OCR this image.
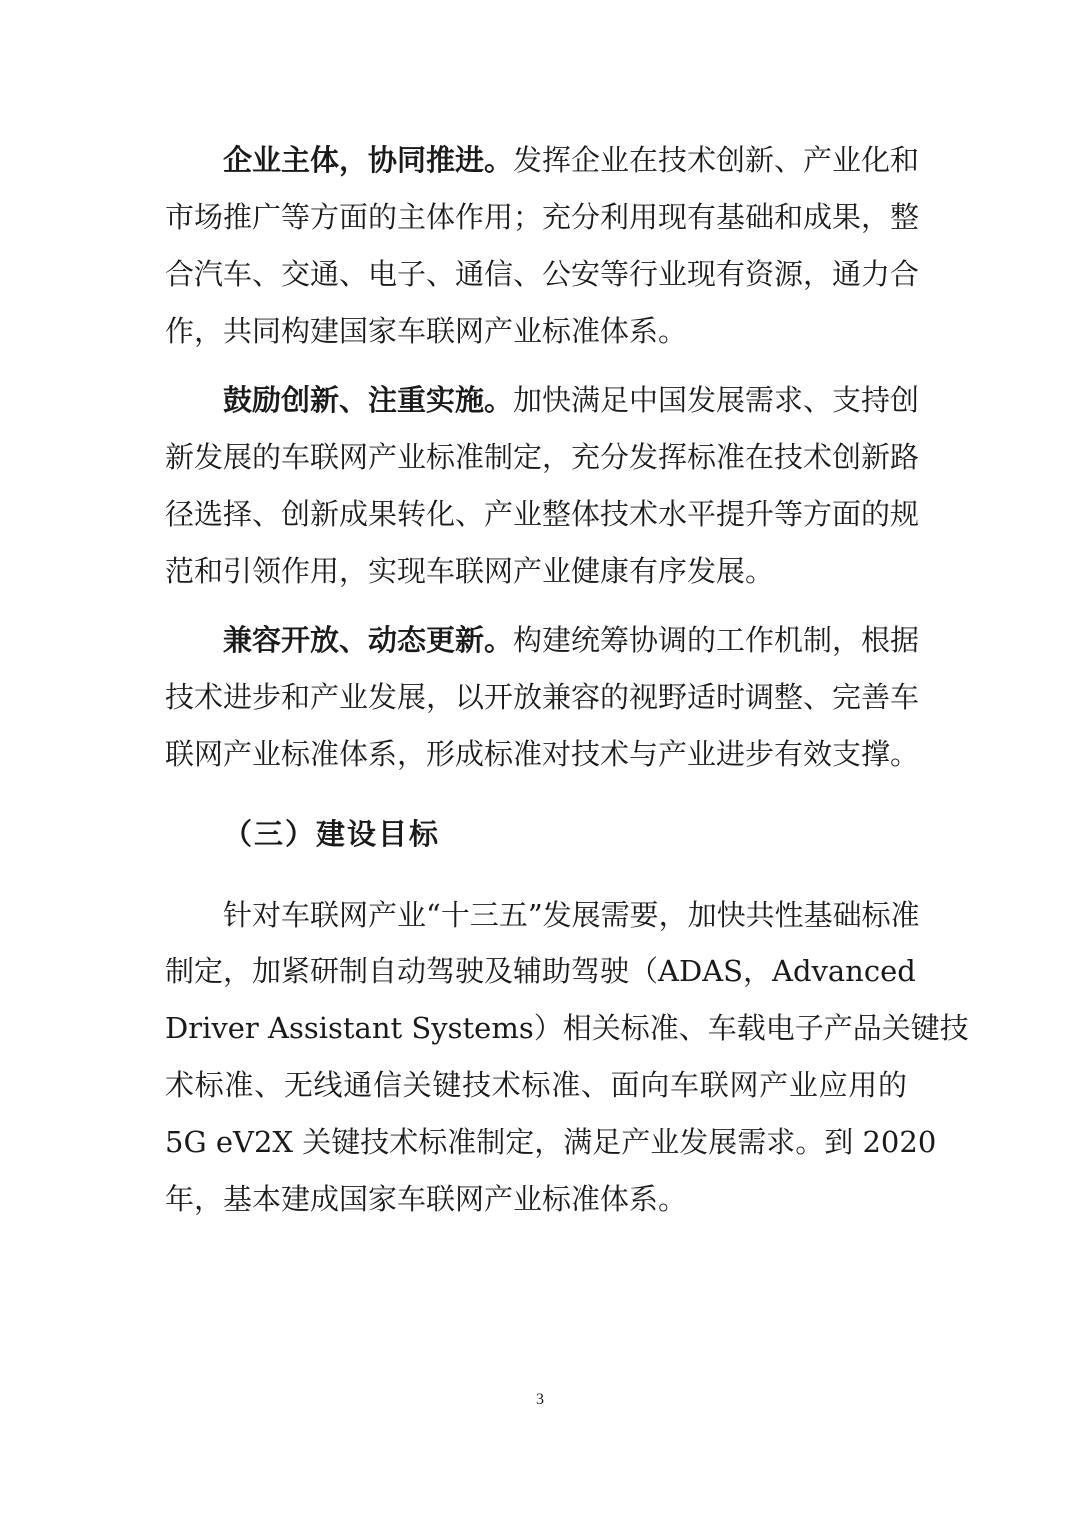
企业主体，协同推进。发挥企业在技术创新、产业化和
市场推广等方面的主体作用；充分利用现有基础和成果，整
合汽车、交通、电子、通信、公安等行业现有资源，通力合
作，共同构建国家车联网产业标准体系。
鼓励创新、注重实施。加快满足中国发展需求、支持创
新发展的车联网产业标准制定，充分发挥标准在技术创新路
径选择、创新成果转化、产业整体技术水平提升等方面的规
范和引领作用，实现车联网产业健康有序发展。
兼容开放、动态更新。构建统筹协调的工作机制，根据
技术进步和产业发展，以开放兼容的视野适时调整、完善车
联网产业标准体系，形成标准对技术与产业进步有效支撑。
（三）建设目标
针对车联网产业“十三五”发展需要，加快共性基础标准
制定，加紧研制自动驾驶及辅助驾驶（ADAS，Advanced
Driver Assistant Systems）相关标准、车载电子产品关键技
术标准、无线通信关键技术标准、面向车联网产业应用的
5G eV2X 关键技术标准制定，满足产业发展需求。到 2020
年，基本建成国家车联网产业标准体系。
3
